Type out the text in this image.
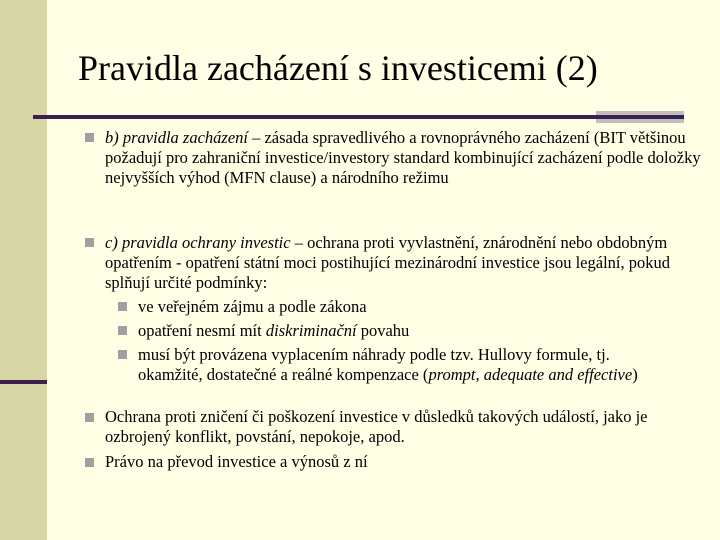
Pravidla zacházení s investicemi (2)
b) pravidla zacházení – zásada spravedlivého a rovnoprávného zacházení (BIT většinou požadují pro zahraniční investice/investory standard kombinující zacházení podle doložky nejvyšších výhod (MFN clause) a národního režimu
c) pravidla ochrany investic – ochrana proti vyvlastnění, znárodnění nebo obdobným opatřením - opatření státní moci postihující mezinárodní investice jsou legální, pokud splňují určité podmínky:
ve veřejném zájmu a podle zákona
opatření nesmí mít diskriminační povahu
musí být provázena vyplacením náhrady podle tzv. Hullovy formule, tj. okamžité, dostatečné a reálné kompenzace (prompt, adequate and effective)
Ochrana proti zničení či poškození investice v důsledků takových událostí, jako je ozbrojený konflikt, povstání, nepokoje, apod.
Právo na převod investice a výnosů z ní
